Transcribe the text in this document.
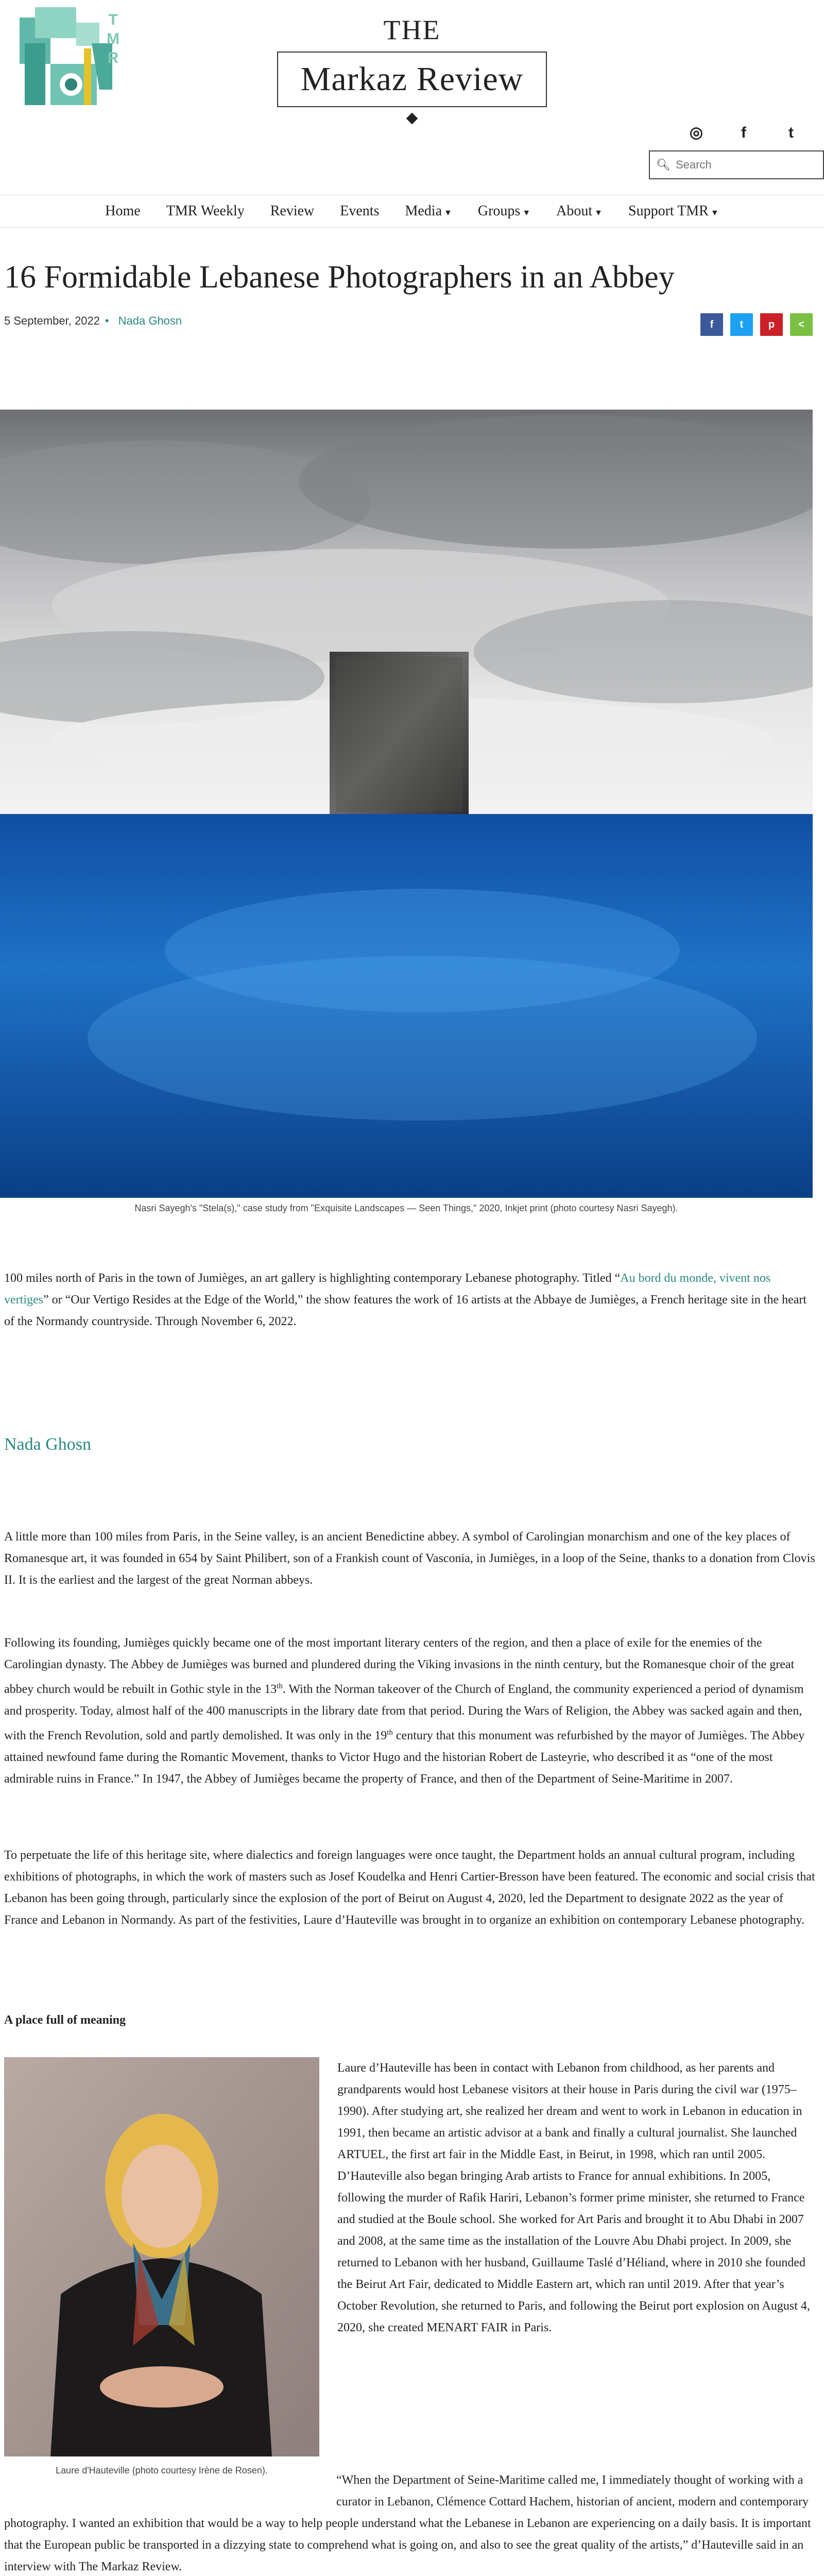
TMR	THE
Markaz Review
◎	f	t
🔍︎
Search
Home TMR Weekly Review Events Media ▼ Groups ▼ About ▼ Support TMR ▼
16 Formidable Lebanese Photographers in an Abbey
5 September, 2022 • Nada Ghosn	f	t	p	<
Nasri Sayegh's "Stela(s)," case study from "Exquisite Landscapes — Seen Things," 2020, Inkjet print (photo courtesy Nasri Sayegh).

100 miles north of Paris in the town of Jumièges, an art gallery is highlighting contemporary Lebanese photography. Titled “Au bord du monde, vivent nos vertiges” or “Our Vertigo Resides at the Edge of the World,” the show features the work of 16 artists at the Abbaye de Jumièges, a French heritage site in the heart of the Normandy countryside. Through November 6, 2022.

Nada Ghosn

A little more than 100 miles from Paris, in the Seine valley, is an ancient Benedictine abbey. A symbol of Carolingian monarchism and one of the key places of Romanesque art, it was founded in 654 by Saint Philibert, son of a Frankish count of Vasconia, in Jumièges, in a loop of the Seine, thanks to a donation from Clovis II. It is the earliest and the largest of the great Norman abbeys.

Following its founding, Jumièges quickly became one of the most important literary centers of the region, and then a place of exile for the enemies of the Carolingian dynasty. The Abbey de Jumièges was burned and plundered during the Viking invasions in the ninth century, but the Romanesque choir of the great abbey church would be rebuilt in Gothic style in the 13th. With the Norman takeover of the Church of England, the community experienced a period of dynamism and prosperity. Today, almost half of the 400 manuscripts in the library date from that period. During the Wars of Religion, the Abbey was sacked again and then, with the French Revolution, sold and partly demolished. It was only in the 19th century that this monument was refurbished by the mayor of Jumièges. The Abbey attained newfound fame during the Romantic Movement, thanks to Victor Hugo and the historian Robert de Lasteyrie, who described it as “one of the most admirable ruins in France.” In 1947, the Abbey of Jumièges became the property of France, and then of the Department of Seine-Maritime in 2007.

To perpetuate the life of this heritage site, where dialectics and foreign languages were once taught, the Department holds an annual cultural program, including exhibitions of photographs, in which the work of masters such as Josef Koudelka and Henri Cartier-Bresson have been featured. The economic and social crisis that Lebanon has been going through, particularly since the explosion of the port of Beirut on August 4, 2020, led the Department to designate 2022 as the year of France and Lebanon in Normandy. As part of the festivities, Laure d’Hauteville was brought in to organize an exhibition on contemporary Lebanese photography.

A place full of meaning
Laure d'Hauteville (photo courtesy Irène de Rosen).

Laure d’Hauteville has been in contact with Lebanon from childhood, as her parents and grandparents would host Lebanese visitors at their house in Paris during the civil war (1975–1990). After studying art, she realized her dream and went to work in Lebanon in education in 1991, then became an artistic advisor at a bank and finally a cultural journalist. She launched ARTUEL, the first art fair in the Middle East, in Beirut, in 1998, which ran until 2005. D’Hauteville also began bringing Arab artists to France for annual exhibitions. In 2005, following the murder of Rafik Hariri, Lebanon’s former prime minister, she returned to France and studied at the Boule school. She worked for Art Paris and brought it to Abu Dhabi in 2007 and 2008, at the same time as the installation of the Louvre Abu Dhabi project. In 2009, she returned to Lebanon with her husband, Guillaume Taslé d’Héliand, where in 2010 she founded the Beirut Art Fair, dedicated to Middle Eastern art, which ran until 2019. After that year’s October Revolution, she returned to Paris, and following the Beirut port explosion on August 4, 2020, she created MENART FAIR in Paris.

“When the Department of Seine-Maritime called me, I immediately thought of working with a curator in Lebanon, Clémence Cottard Hachem, historian of ancient, modern and contemporary photography. I wanted an exhibition that would be a way to help people understand what the Lebanese in Lebanon are experiencing on a daily basis. It is important that the European public be transported in a dizzying state to comprehend what is going on, and also to see the great quality of the artists,” d’Hauteville said in an interview with The Markaz Review.
